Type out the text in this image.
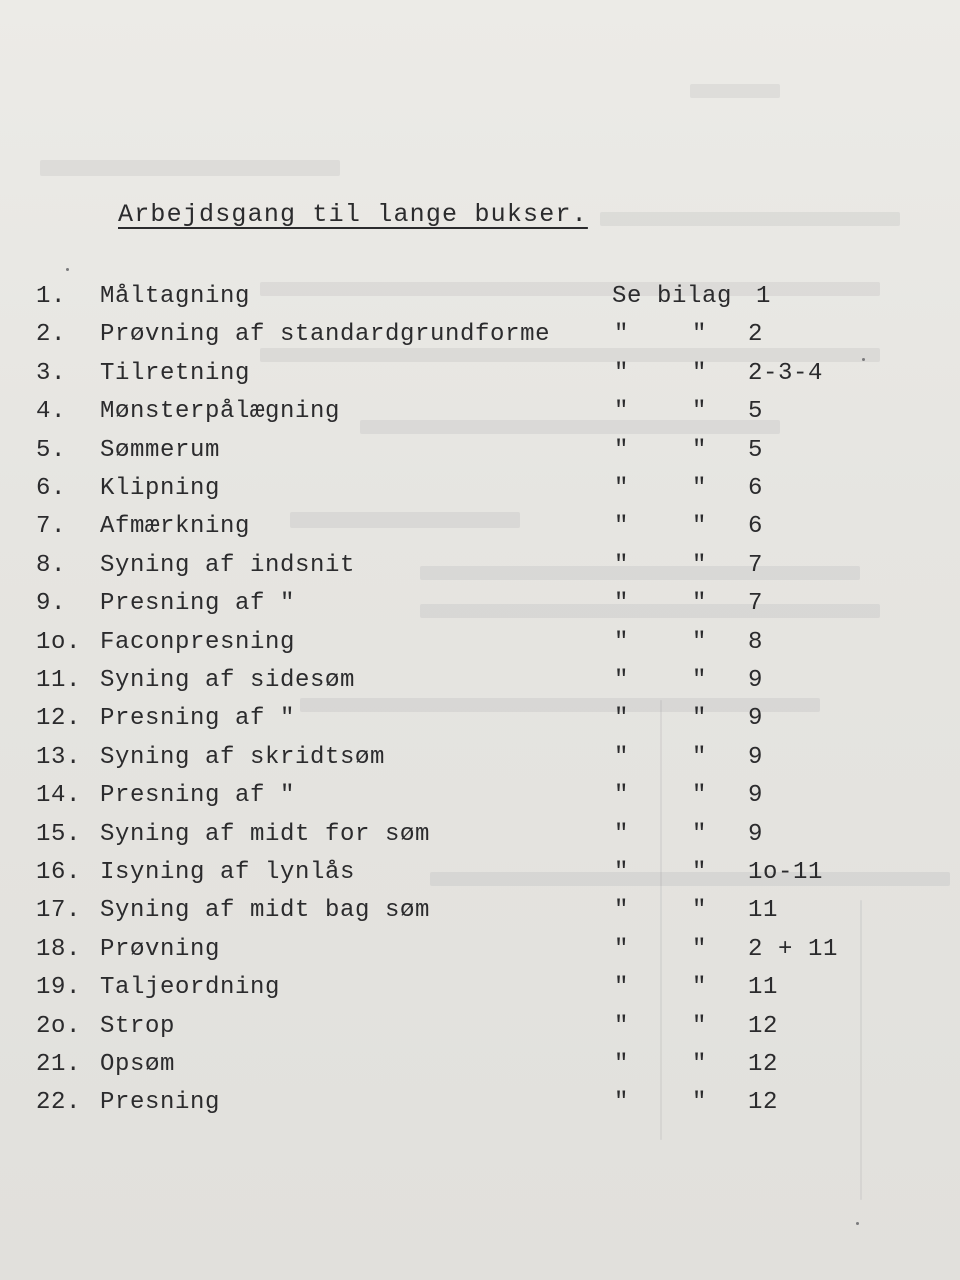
Arbejdsgang til lange bukser.
1. Måltagning	Se bilag 1
2. Prøvning af standardgrundforme	"	" 2
3. Tilretning	"	" 2-3-4
4. Mønsterpålægning	"	" 5
5. Sømmerum	"	" 5
6. Klipning	"	" 6
7. Afmærkning	"	" 6
8. Syning af indsnit	"	" 7
9. Presning af "	"	" 7
1o. Faconpresning	"	" 8
11. Syning af sidesøm	"	" 9
12. Presning af "	"	" 9
13. Syning af skridtsøm	"	" 9
14. Presning af "	"	" 9
15. Syning af midt for søm	"	" 9
16. Isyning af lynlås	"	" 1o-11
17. Syning af midt bag søm	"	" 11
18. Prøvning	"	" 2 + 11
19. Taljeordning	"	" 11
2o. Strop	"	" 12
21. Opsøm	"	" 12
22. Presning	"	" 12
